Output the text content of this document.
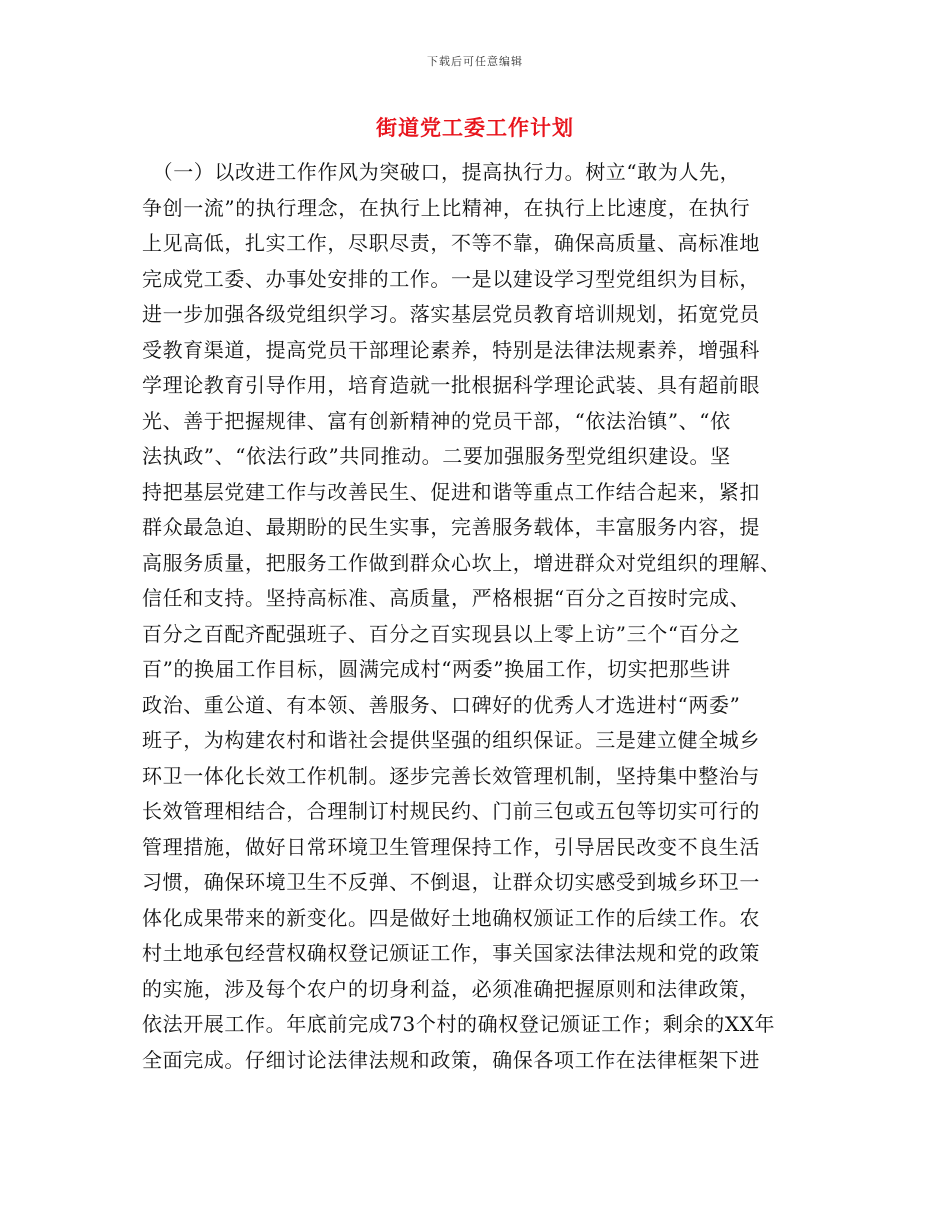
下载后可任意编辑
街道党工委工作计划
　（一）以改进工作作风为突破口，提高执行力。树立“敢为人先，
争创一流”的执行理念，在执行上比精神，在执行上比速度，在执行
上见高低，扎实工作，尽职尽责，不等不靠，确保高质量、高标准地
完成党工委、办事处安排的工作。一是以建设学习型党组织为目标，
进一步加强各级党组织学习。落实基层党员教育培训规划，拓宽党员
受教育渠道，提高党员干部理论素养，特别是法律法规素养，增强科
学理论教育引导作用，培育造就一批根据科学理论武装、具有超前眼
光、善于把握规律、富有创新精神的党员干部，“依法治镇”、“依
法执政”、“依法行政”共同推动。二要加强服务型党组织建设。坚
持把基层党建工作与改善民生、促进和谐等重点工作结合起来，紧扣
群众最急迫、最期盼的民生实事，完善服务载体，丰富服务内容，提
高服务质量，把服务工作做到群众心坎上，增进群众对党组织的理解、
信任和支持。坚持高标准、高质量，严格根据“百分之百按时完成、
百分之百配齐配强班子、百分之百实现县以上零上访”三个“百分之
百”的换届工作目标，圆满完成村“两委”换届工作，切实把那些讲
政治、重公道、有本领、善服务、口碑好的优秀人才选进村“两委”
班子，为构建农村和谐社会提供坚强的组织保证。三是建立健全城乡
环卫一体化长效工作机制。逐步完善长效管理机制，坚持集中整治与
长效管理相结合，合理制订村规民约、门前三包或五包等切实可行的
管理措施，做好日常环境卫生管理保持工作，引导居民改变不良生活
习惯，确保环境卫生不反弹、不倒退，让群众切实感受到城乡环卫一
体化成果带来的新变化。四是做好土地确权颁证工作的后续工作。农
村土地承包经营权确权登记颁证工作，事关国家法律法规和党的政策
的实施，涉及每个农户的切身利益，必须准确把握原则和法律政策，
依法开展工作。年底前完成73个村的确权登记颁证工作；剩余的XX年
全面完成。仔细讨论法律法规和政策，确保各项工作在法律框架下进
